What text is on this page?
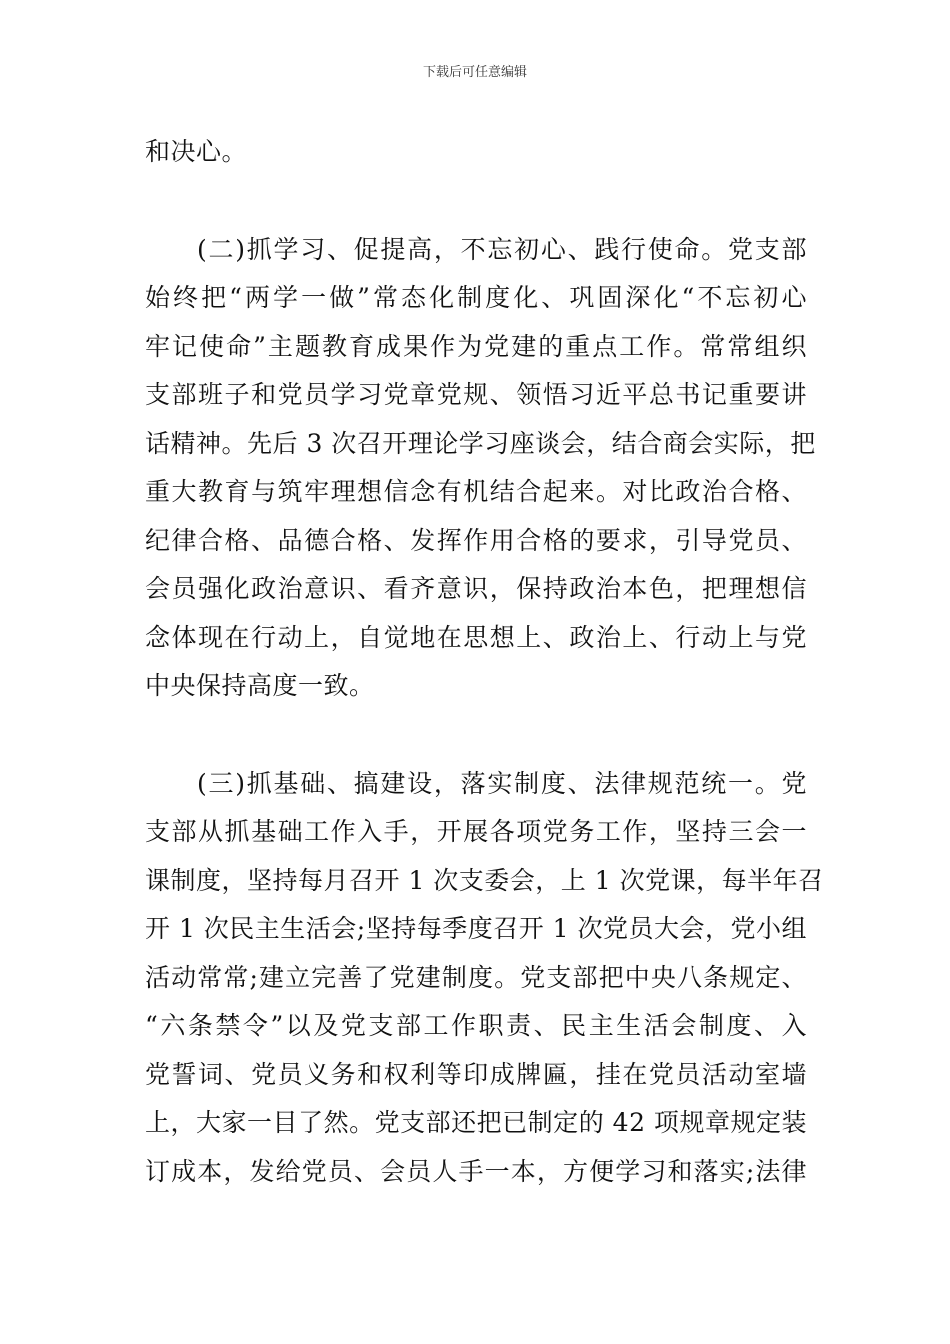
下载后可任意编辑
和决心。
(二)抓学习、促提高，不忘初心、践行使命。党支部
始终把“两学一做”常态化制度化、巩固深化“不忘初心
牢记使命”主题教育成果作为党建的重点工作。常常组织
支部班子和党员学习党章党规、领悟习近平总书记重要讲
话精神。先后 3 次召开理论学习座谈会，结合商会实际，把
重大教育与筑牢理想信念有机结合起来。对比政治合格、
纪律合格、品德合格、发挥作用合格的要求，引导党员、
会员强化政治意识、看齐意识，保持政治本色，把理想信
念体现在行动上，自觉地在思想上、政治上、行动上与党
中央保持高度一致。
(三)抓基础、搞建设，落实制度、法律规范统一。党
支部从抓基础工作入手，开展各项党务工作，坚持三会一
课制度，坚持每月召开 1 次支委会，上 1 次党课，每半年召
开 1 次民主生活会;坚持每季度召开 1 次党员大会，党小组
活动常常;建立完善了党建制度。党支部把中央八条规定、
“六条禁令”以及党支部工作职责、民主生活会制度、入
党誓词、党员义务和权利等印成牌匾，挂在党员活动室墙
上，大家一目了然。党支部还把已制定的 42 项规章规定装
订成本，发给党员、会员人手一本，方便学习和落实;法律
